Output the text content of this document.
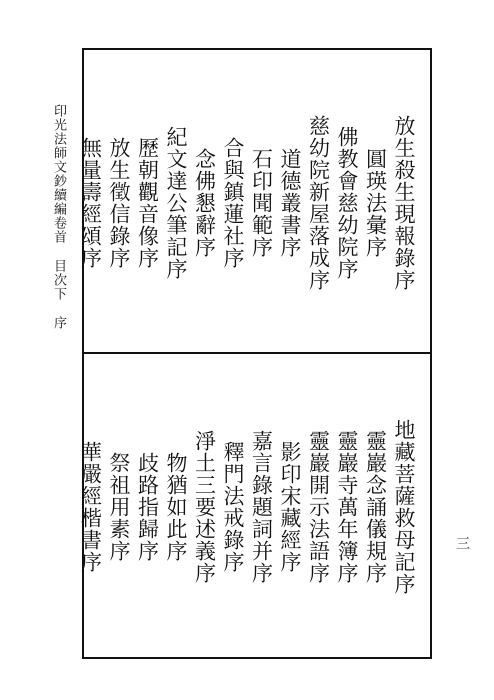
印光法師文鈔續編卷首 目次下 序
三
放生殺生現報錄序
圓瑛法彙序
佛教會慈幼院序
慈幼院新屋落成序
道德叢書序
石印聞範序
合與鎮蓮社序
念佛懇辭序
紀文達公筆記序
歷朝觀音像序
放生徵信錄序
無量壽經頌序
地藏菩薩救母記序
靈巖念誦儀規序
靈巖寺萬年簿序
靈巖開示法語序
影印宋藏經序
嘉言錄題詞并序
釋門法戒錄序
淨土三要述義序
物猶如此序
歧路指歸序
祭祖用素序
華嚴經楷書序
